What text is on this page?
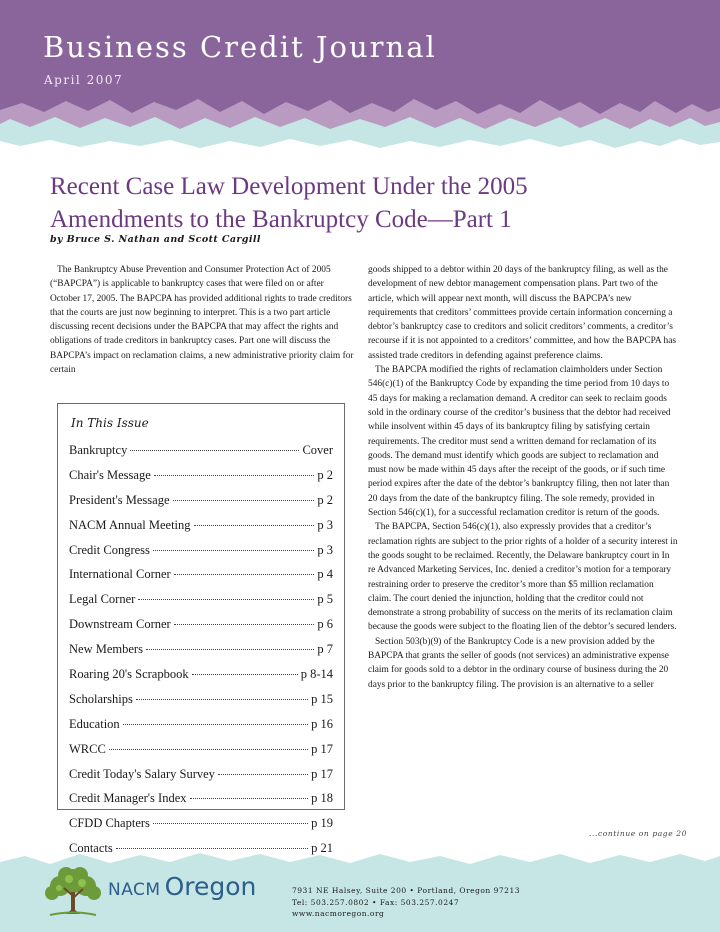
Business Credit Journal
April 2007
Recent Case Law Development Under the 2005
Amendments to the Bankruptcy Code—Part 1
by Bruce S. Nathan and Scott Cargill

The Bankruptcy Abuse Prevention and Consumer Protection Act of 2005 (“BAPCPA”) is applicable to bankruptcy cases that were filed on or after October 17, 2005. The BAPCPA has provided additional rights to trade creditors that the courts are just now beginning to interpret. This is a two part article discussing recent decisions under the BAPCPA that may affect the rights and obligations of trade creditors in bankruptcy cases. Part one will discuss the BAPCPA’s impact on reclamation claims, a new administrative priority claim for certain

In This Issue
Bankruptcy	Cover
Chair's Message	p 2
President's Message	p 2
NACM Annual Meeting	p 3
Credit Congress	p 3
International Corner	p 4
Legal Corner	p 5
Downstream Corner	p 6
New Members	p 7
Roaring 20's Scrapbook	p 8-14
Scholarships	p 15
Education	p 16
WRCC	p 17
Credit Today's Salary Survey	p 17
Credit Manager's Index	p 18
CFDD Chapters	p 19
Contacts	p 21

goods shipped to a debtor within 20 days of the bankruptcy filing, as well as the development of new debtor management compensation plans. Part two of the article, which will appear next month, will discuss the BAPCPA’s new requirements that creditors’ committees provide certain information concerning a debtor’s bankruptcy case to creditors and solicit creditors’ comments, a creditor’s recourse if it is not appointed to a creditors’ committee, and how the BAPCPA has assisted trade creditors in defending against preference claims.

The BAPCPA modified the rights of reclamation claimholders under Section 546(c)(1) of the Bankruptcy Code by expanding the time period from 10 days to 45 days for making a reclamation demand. A creditor can seek to reclaim goods sold in the ordinary course of the creditor’s business that the debtor had received while insolvent within 45 days of its bankruptcy filing by satisfying certain requirements. The creditor must send a written demand for reclamation of its goods. The demand must identify which goods are subject to reclamation and must now be made within 45 days after the receipt of the goods, or if such time period expires after the date of the debtor’s bankruptcy filing, then not later than 20 days from the date of the bankruptcy filing. The sole remedy, provided in Section 546(c)(1), for a successful reclamation creditor is return of the goods.

The BAPCPA, Section 546(c)(1), also expressly provides that a creditor’s reclamation rights are subject to the prior rights of a holder of a security interest in the goods sought to be reclaimed. Recently, the Delaware bankruptcy court in In re Advanced Marketing Services, Inc. denied a creditor’s motion for a temporary restraining order to preserve the creditor’s more than $5 million reclamation claim. The court denied the injunction, holding that the creditor could not demonstrate a strong probability of success on the merits of its reclamation claim because the goods were subject to the floating lien of the debtor’s secured lenders.

Section 503(b)(9) of the Bankruptcy Code is a new provision added by the BAPCPA that grants the seller of goods (not services) an administrative expense claim for goods sold to a debtor in the ordinary course of business during the 20 days prior to the bankruptcy filing. The provision is an alternative to a seller

...continue on page 20
NACM Oregon	7931 NE Halsey, Suite 200 • Portland, Oregon 97213
Tel: 503.257.0802 • Fax: 503.257.0247
www.nacmoregon.org
